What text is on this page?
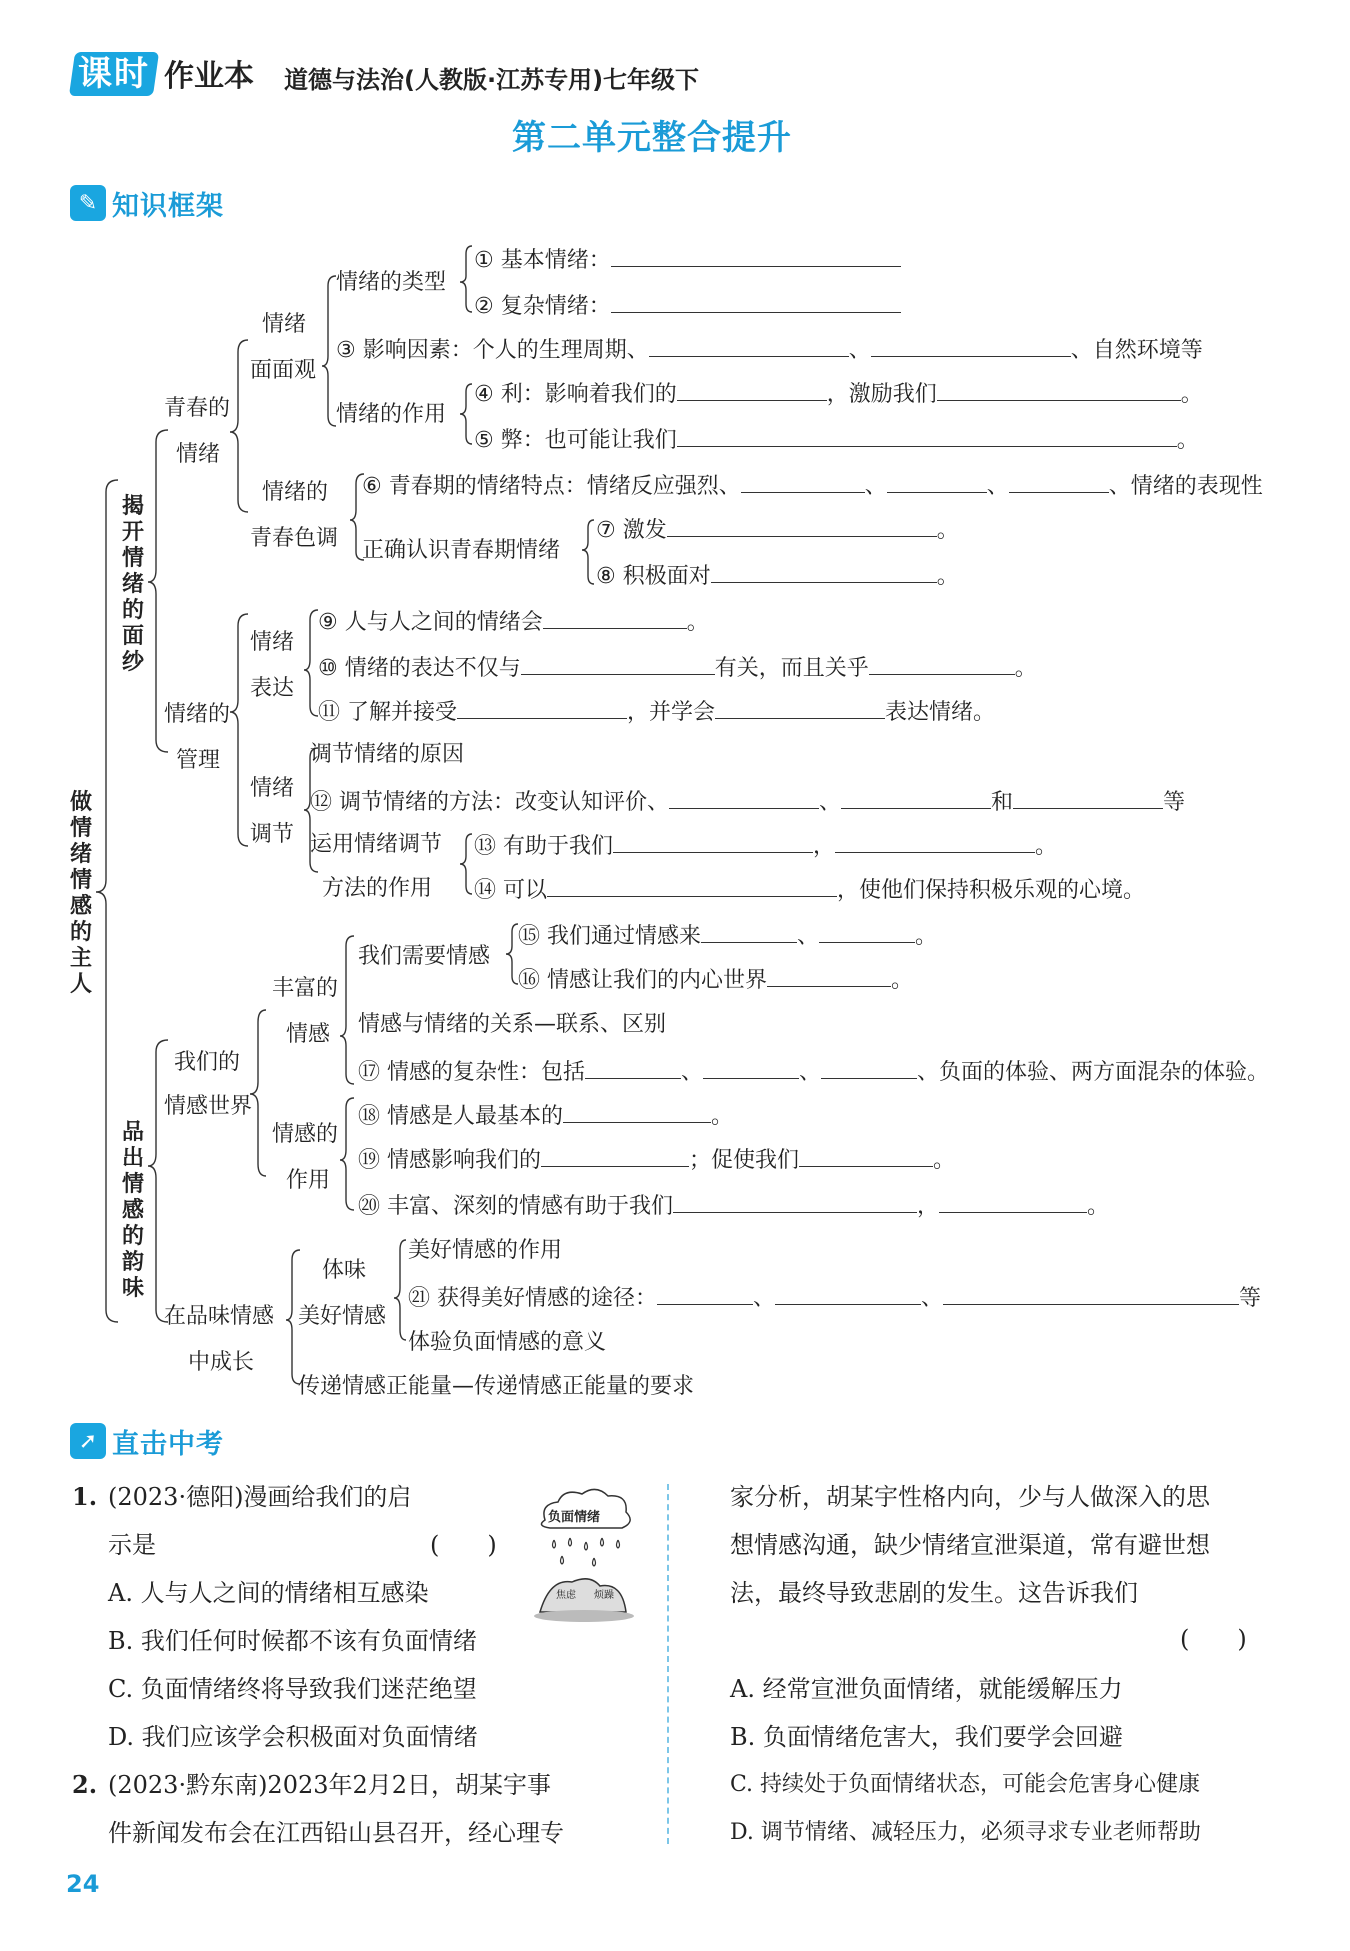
课时 作业本 道德与法治(人教版·江苏专用)七年级下
第二单元整合提升
✎ 知识框架
做情绪情感的主人
揭开情绪的面纱
品出情感的韵味
青春的
情绪
情绪
面面观
情绪的类型
① 基本情绪：
② 复杂情绪：
③ 影响因素：个人的生理周期、	、	、自然环境等
情绪的作用
④ 利：影响着我们的	，激励我们	。
⑤ 弊：也可能让我们	。
情绪的
青春色调
⑥ 青春期的情绪特点：情绪反应强烈、	、	、	、情绪的表现性
正确认识青春期情绪
⑦ 激发	。
⑧ 积极面对	。
情绪的
管理
情绪
表达
⑨ 人与人之间的情绪会	。
⑩ 情绪的表达不仅与	有关，而且关乎	。
⑪ 了解并接受	，并学会	表达情绪。
情绪
调节
调节情绪的原因
⑫ 调节情绪的方法：改变认知评价、	、	和	等
运用情绪调节
方法的作用
⑬ 有助于我们	，	。
⑭ 可以	，使他们保持积极乐观的心境。
我们的
情感世界
丰富的
情感
我们需要情感
⑮ 我们通过情感来	、	。
⑯ 情感让我们的内心世界	。
情感与情绪的关系—联系、区别
⑰ 情感的复杂性：包括	、	、	、负面的体验、两方面混杂的体验。
情感的
作用
⑱ 情感是人最基本的	。
⑲ 情感影响我们的	；促使我们	。
⑳ 丰富、深刻的情感有助于我们	，	。
在品味情感
中成长
体味
美好情感
美好情感的作用
㉑ 获得美好情感的途径：	、	、	等
体验负面情感的意义
传递情感正能量—传递情感正能量的要求
➚ 直击中考
1. (2023·德阳)漫画给我们的启
示是	(　　)
负面情绪
焦虑 烦躁
A. 人与人之间的情绪相互感染
B. 我们任何时候都不该有负面情绪
C. 负面情绪终将导致我们迷茫绝望
D. 我们应该学会积极面对负面情绪
2. (2023·黔东南)2023年2月2日，胡某宇事
件新闻发布会在江西铅山县召开，经心理专
家分析，胡某宇性格内向，少与人做深入的思
想情感沟通，缺少情绪宣泄渠道，常有避世想
法，最终导致悲剧的发生。这告诉我们
(　　)
A. 经常宣泄负面情绪，就能缓解压力
B. 负面情绪危害大，我们要学会回避
C. 持续处于负面情绪状态，可能会危害身心健康
D. 调节情绪、减轻压力，必须寻求专业老师帮助
24
